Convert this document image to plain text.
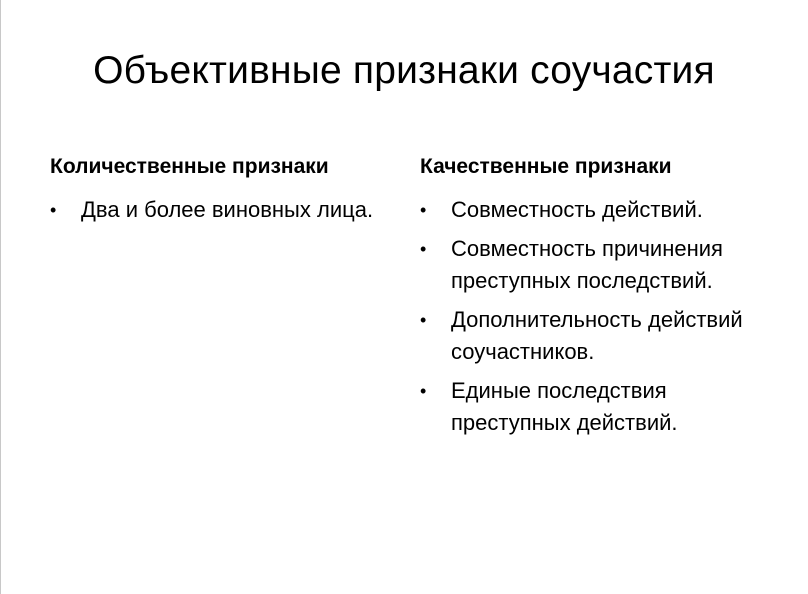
Объективные признаки соучастия
Количественные признаки
• Два и более виновных лица.
Качественные признаки
• Совместность действий.
• Совместность причинения преступных последствий.
• Дополнительность действий соучастников.
• Единые последствия преступных действий.
